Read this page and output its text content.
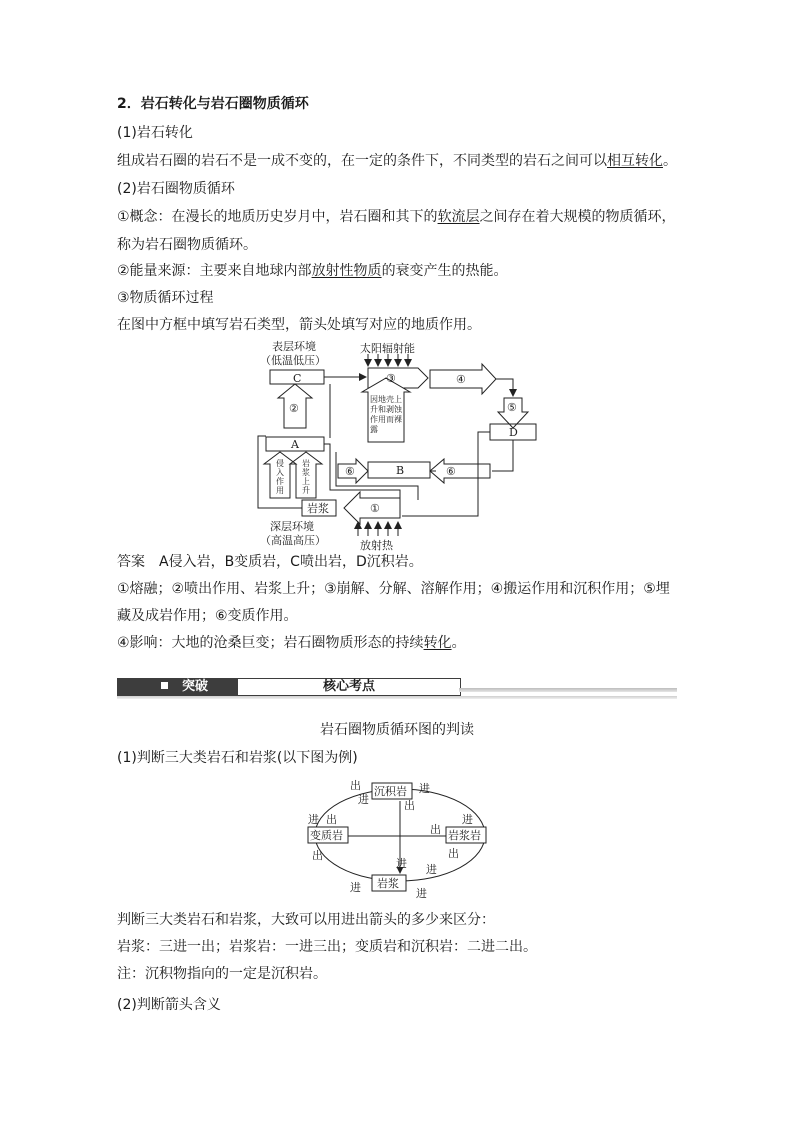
2．岩石转化与岩石圈物质循环
(1)岩石转化
组成岩石圈的岩石不是一成不变的，在一定的条件下，不同类型的岩石之间可以相互转化。
(2)岩石圈物质循环
①概念：在漫长的地质历史岁月中，岩石圈和其下的软流层之间存在着大规模的物质循环，
称为岩石圈物质循环。
②能量来源：主要来自地球内部放射性物质的衰变产生的热能。
③物质循环过程
在图中方框中填写岩石类型，箭头处填写对应的地质作用。
表层环境
（低温低压）
太阳辐射能
C	③	④
⑤
D
②
A
B	⑥
⑥
岩浆	①
深层环境
（高温高压）	放射热
因地壳上
升和剥蚀
作用而裸
露
侵
入
作
用
岩
浆
上
升
答案　A侵入岩，B变质岩，C喷出岩，D沉积岩。
①熔融；②喷出作用、岩浆上升；③崩解、分解、溶解作用；④搬运作用和沉积作用；⑤埋
藏及成岩作用；⑥变质作用。
④影响：大地的沧桑巨变；岩石圈物质形态的持续转化。
突破	核心考点
岩石圈物质循环图的判读
(1)判断三大类岩石和岩浆(以下图为例)
沉积岩
变质岩	岩浆岩
岩浆
出	进
进	出
进 出
出
进
出	出
进 进
进	进
判断三大类岩石和岩浆，大致可以用进出箭头的多少来区分：
岩浆：三进一出；岩浆岩：一进三出；变质岩和沉积岩：二进二出。
注：沉积物指向的一定是沉积岩。
(2)判断箭头含义
